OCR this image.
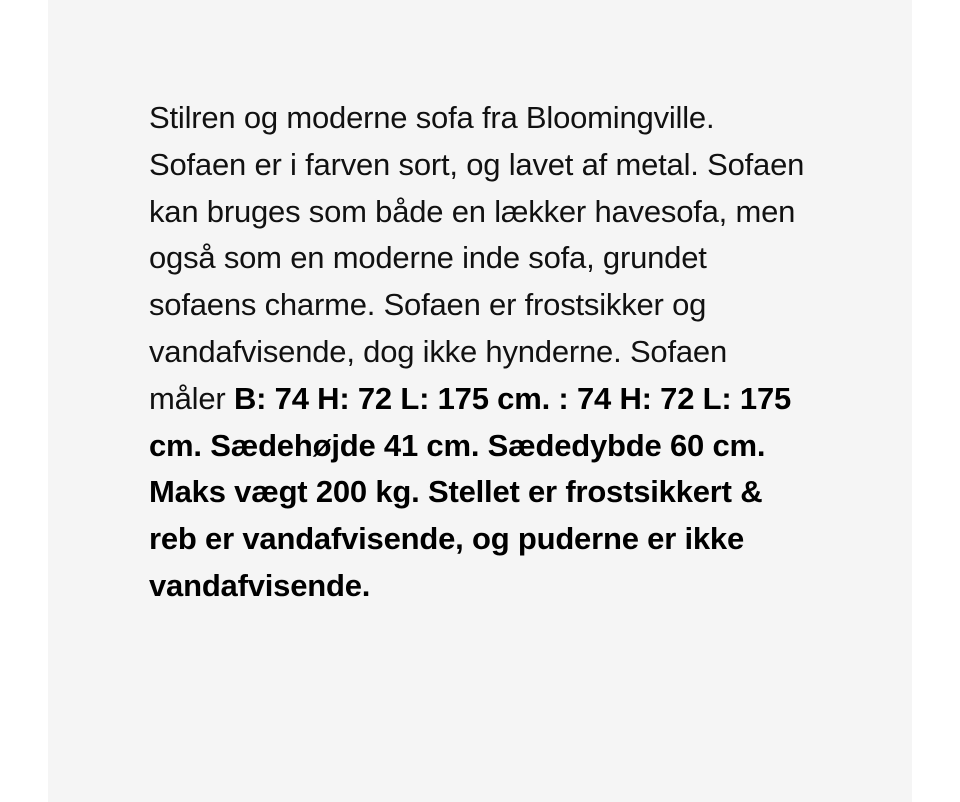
Stilren og moderne sofa fra Bloomingville. Sofaen er i farven sort, og lavet af metal. Sofaen kan bruges som både en lækker havesofa, men også som en moderne inde sofa, grundet sofaens charme. Sofaen er frostsikker og vandafvisende, dog ikke hynderne. Sofaen måler B: 74 H: 72 L: 175 cm. : 74 H: 72 L: 175 cm. Sædehøjde 41 cm. Sædedybde 60 cm. Maks vægt 200 kg. Stellet er frostsikkert & reb er vandafvisende, og puderne er ikke vandafvisende.
